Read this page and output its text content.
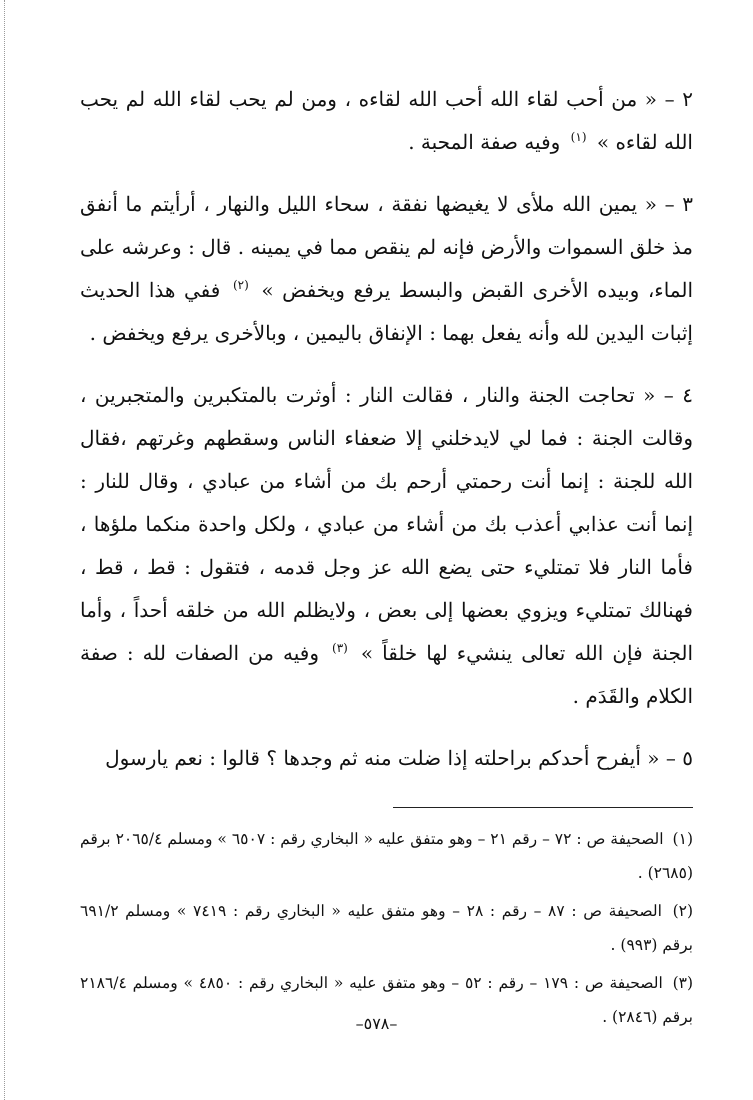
٢ – « من أحب لقاء الله أحب الله لقاءه ، ومن لم يحب لقاء الله لم يحب الله لقاءه » $^{(١)}$ وفيه صفة المحبة .

٣ – « يمين الله ملأى لا يغيضها نفقة ، سحاء الليل والنهار ، أرأيتم ما أنفق مذ خلق السموات والأرض فإنه لم ينقص مما في يمينه . قال : وعرشه على الماء، وبيده الأخرى القبض والبسط يرفع ويخفض » $^{(٢)}$ ففي هذا الحديث إثبات اليدين لله وأنه يفعل بهما : الإنفاق باليمين ، وبالأخرى يرفع ويخفض .

٤ – « تحاجت الجنة والنار ، فقالت النار : أوثرت بالمتكبرين والمتجبرين ، وقالت الجنة : فما لي لايدخلني إلا ضعفاء الناس وسقطهم وغرتهم ،فقال الله للجنة : إنما أنت رحمتي أرحم بك من أشاء من عبادي ، وقال للنار : إنما أنت عذابي أعذب بك من أشاء من عبادي ، ولكل واحدة منكما ملؤها ، فأما النار فلا تمتليء حتى يضع الله عز وجل قدمه ، فتقول : قط ، قط ، فهنالك تمتليء ويزوي بعضها إلى بعض ، ولايظلم الله من خلقه أحداً ، وأما الجنة فإن الله تعالى ينشيء لها خلقاً » $^{(٣)}$ وفيه من الصفات لله : صفة الكلام والقَدَم .

٥ – « أيفرح أحدكم براحلته إذا ضلت منه ثم وجدها ؟ قالوا : نعم يارسول

(١) الصحيفة ص : ٧٢ – رقم ٢١ – وهو متفق عليه « البخاري رقم : ٦٥٠٧ » ومسلم ٢٠٦٥/٤ برقم (٢٦٨٥) .

(٢) الصحيفة ص : ٨٧ – رقم : ٢٨ – وهو متفق عليه « البخاري رقم : ٧٤١٩ » ومسلم ٦٩١/٢ برقم (٩٩٣) .

(٣) الصحيفة ص : ١٧٩ – رقم : ٥٢ – وهو متفق عليه « البخاري رقم : ٤٨٥٠ » ومسلم ٢١٨٦/٤ برقم (٢٨٤٦) .

–٥٧٨–
